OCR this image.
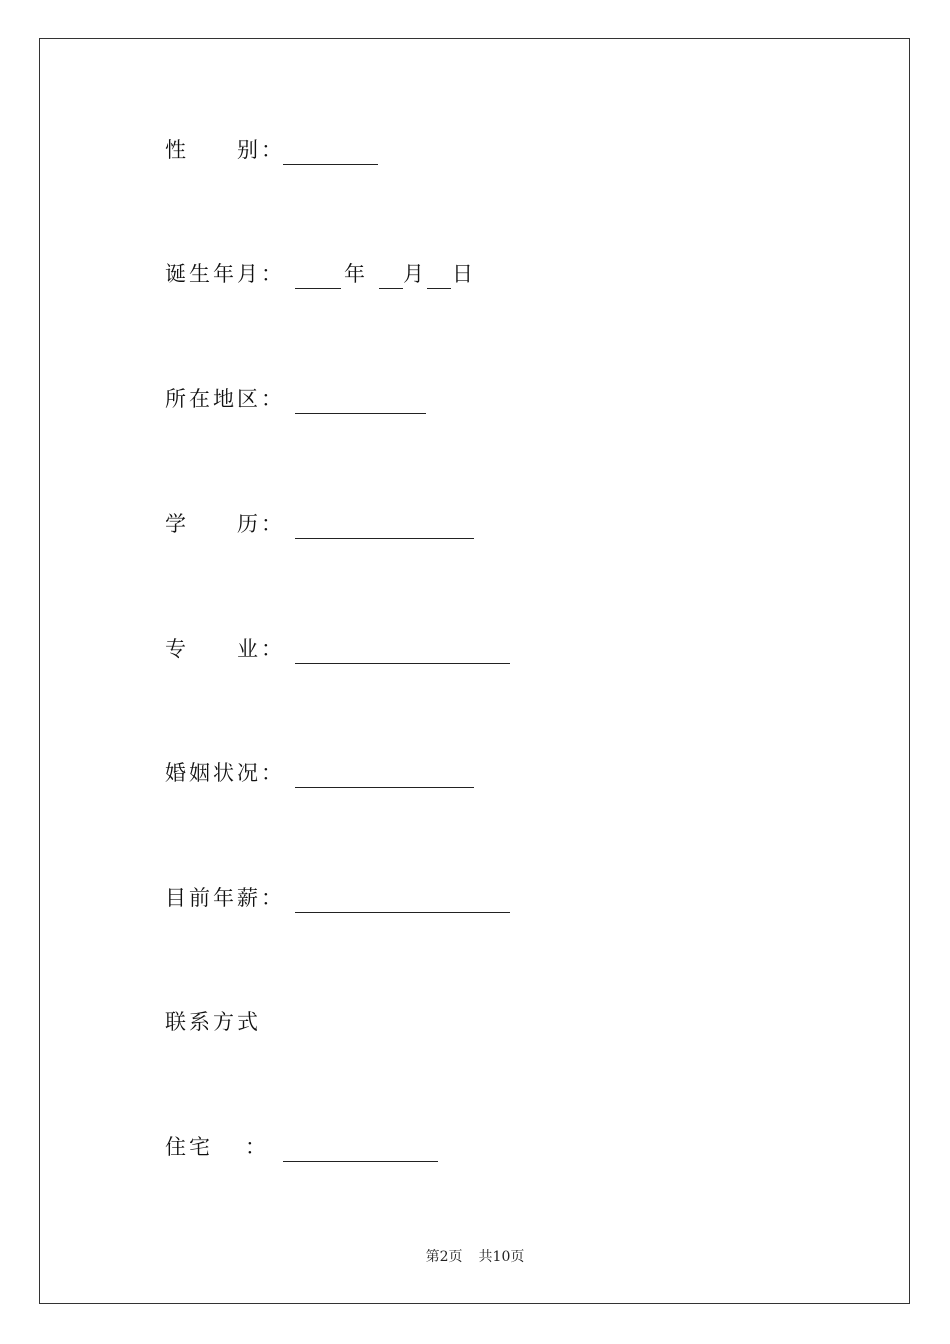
性　　别：
诞生年月：	年 月 日
所在地区：
学　　历：
专　　业：
婚姻状况：
目前年薪：
联系方式
住宅 ：
第2页 共10页
